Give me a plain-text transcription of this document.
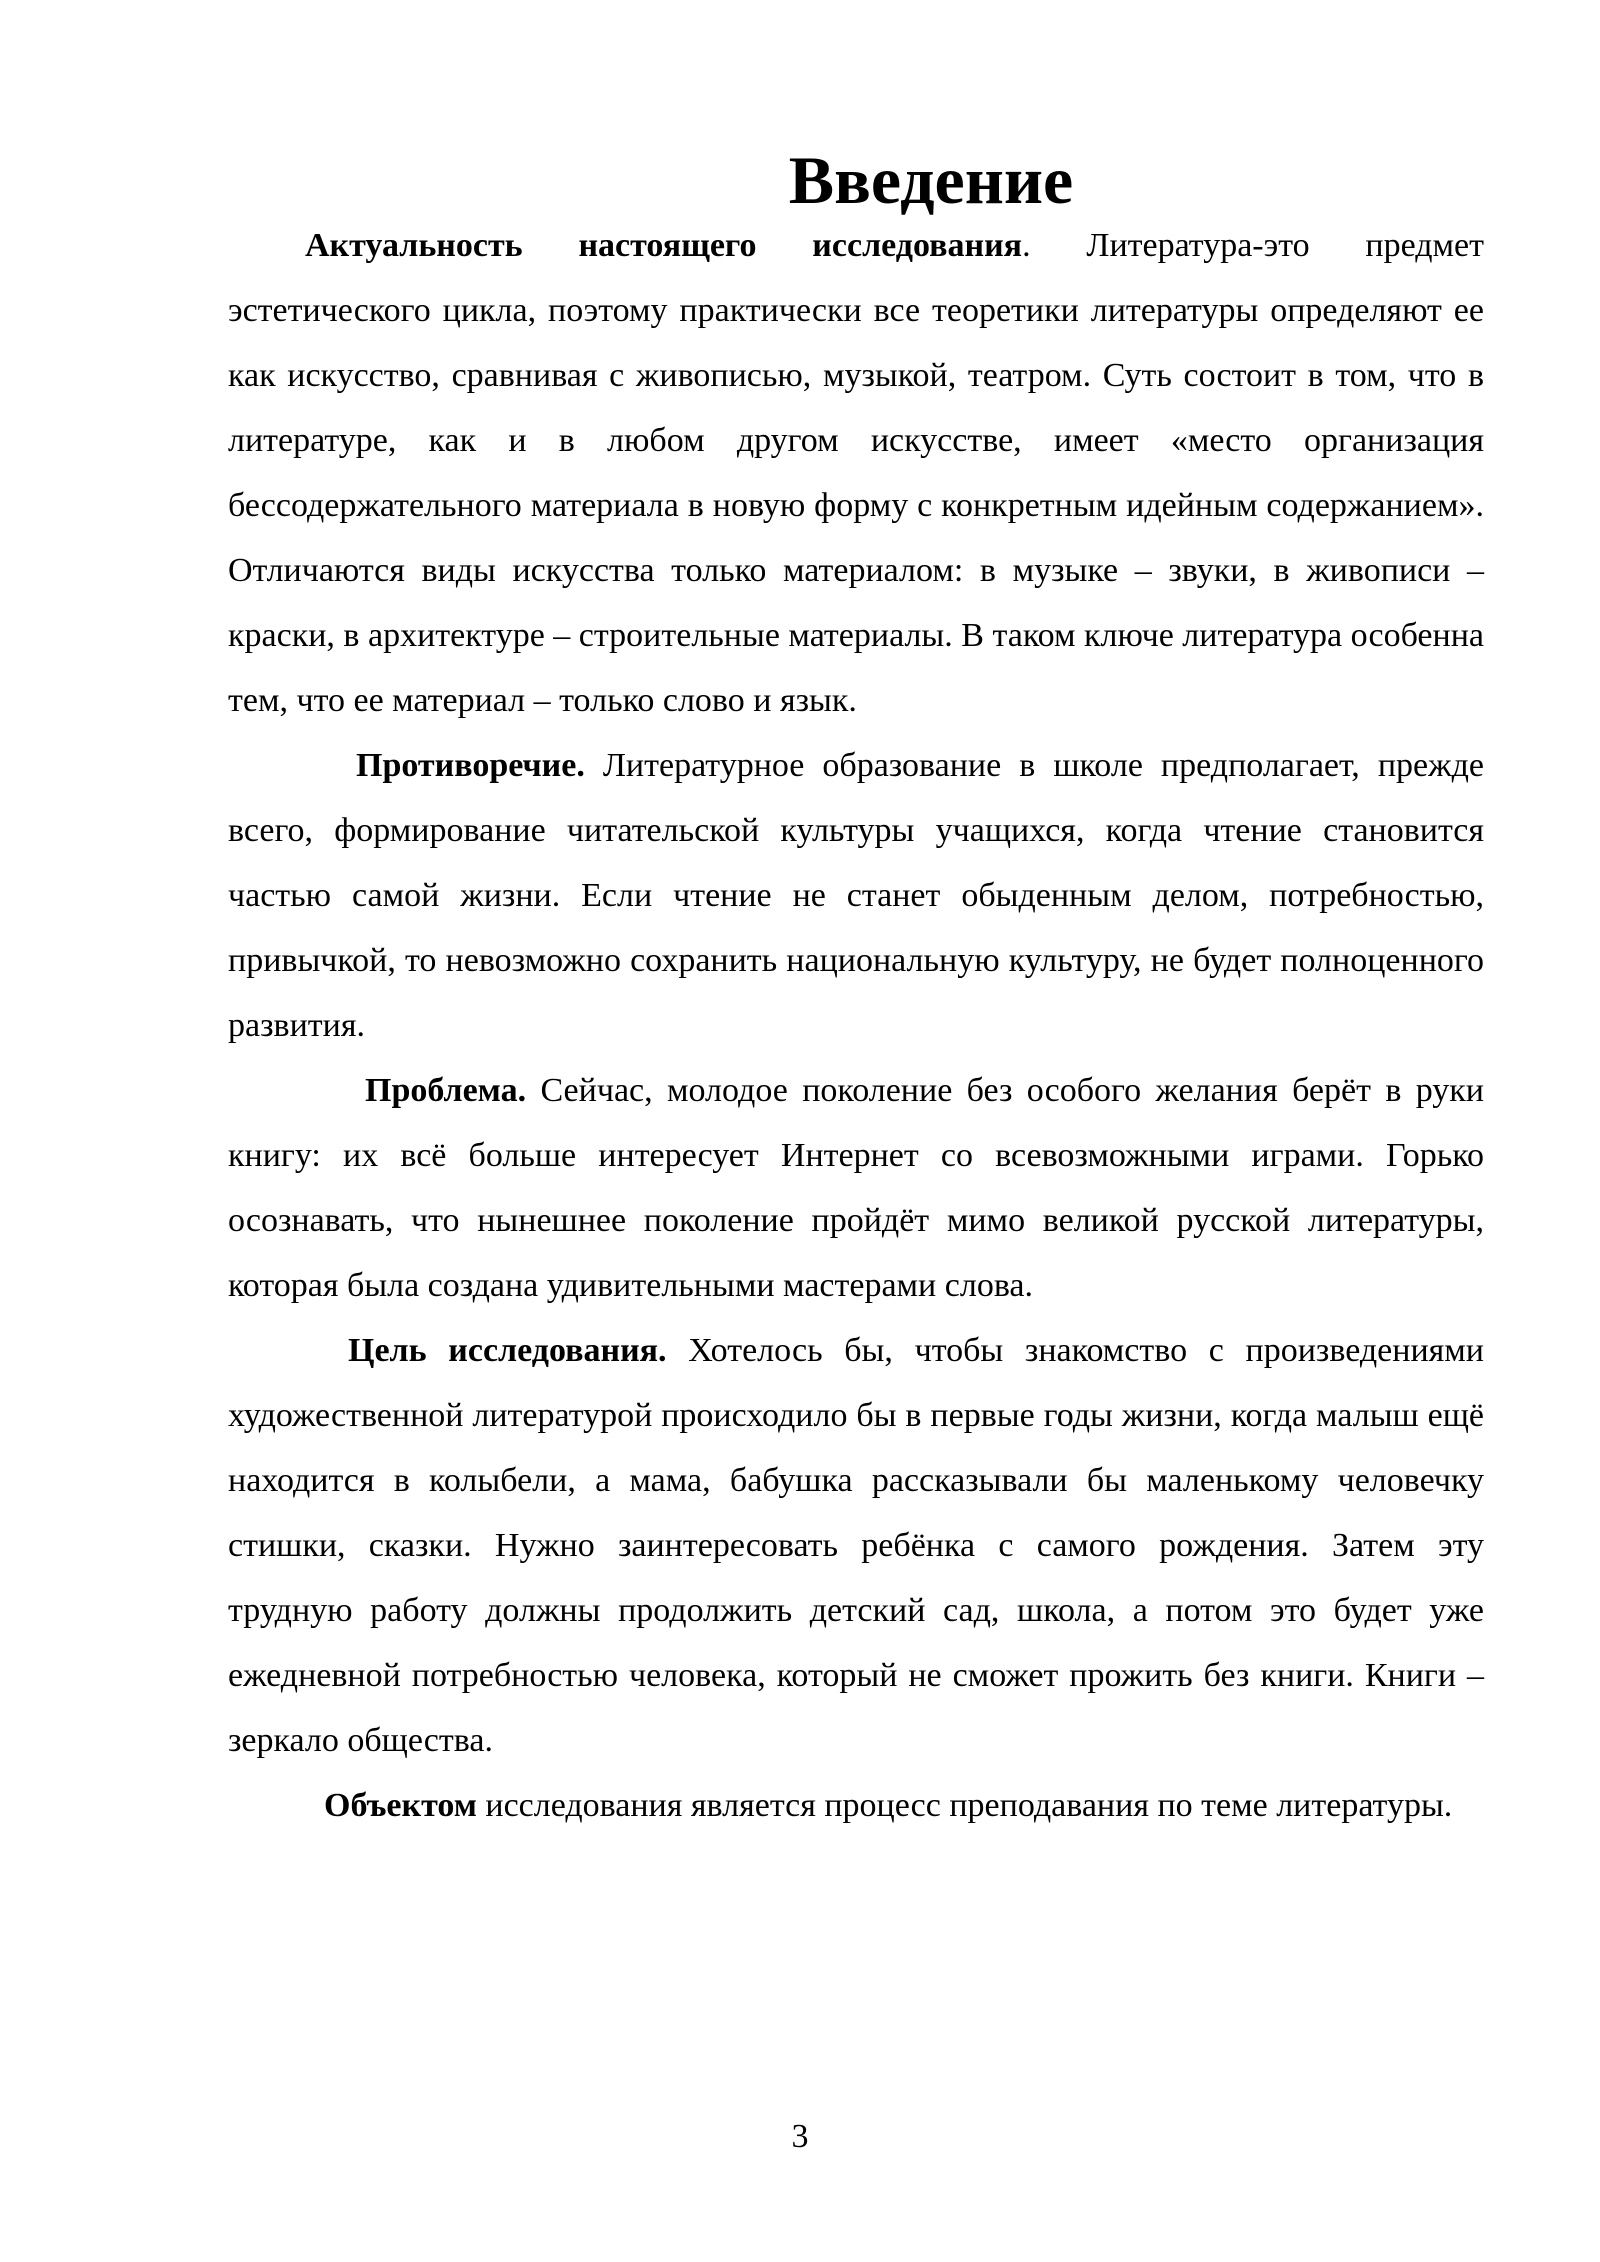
Введение

Актуальность настоящего исследования. Литература-это предмет эстетического цикла, поэтому практически все теоретики литературы определяют ее как искусство, сравнивая с живописью, музыкой, театром. Суть состоит в том, что в литературе, как и в любом другом искусстве, имеет «место организация бессодержательного материала в новую форму с конкретным идейным содержанием». Отличаются виды искусства только материалом: в музыке – звуки, в живописи – краски, в архитектуре – строительные материалы. В таком ключе литература особенна тем, что ее материал – только слово и язык.

Противоречие. Литературное образование в школе предполагает, прежде всего, формирование читательской культуры учащихся, когда чтение становится частью самой жизни. Если чтение не станет обыденным делом, потребностью, привычкой, то невозможно сохранить национальную культуру, не будет полноценного развития.

Проблема. Сейчас, молодое поколение без особого желания берёт в руки книгу: их всё больше интересует Интернет со всевозможными играми. Горько осознавать, что нынешнее поколение пройдёт мимо великой русской литературы, которая была создана удивительными мастерами слова.

Цель исследования. Хотелось бы, чтобы знакомство с произведениями художественной литературой происходило бы в первые годы жизни, когда малыш ещё находится в колыбели, а мама, бабушка рассказывали бы маленькому человечку стишки, сказки. Нужно заинтересовать ребёнка с самого рождения. Затем эту трудную работу должны продолжить детский сад, школа, а потом это будет уже ежедневной потребностью человека, который не сможет прожить без книги. Книги – зеркало общества.

Объектом исследования является процесс преподавания по теме литературы.

3
